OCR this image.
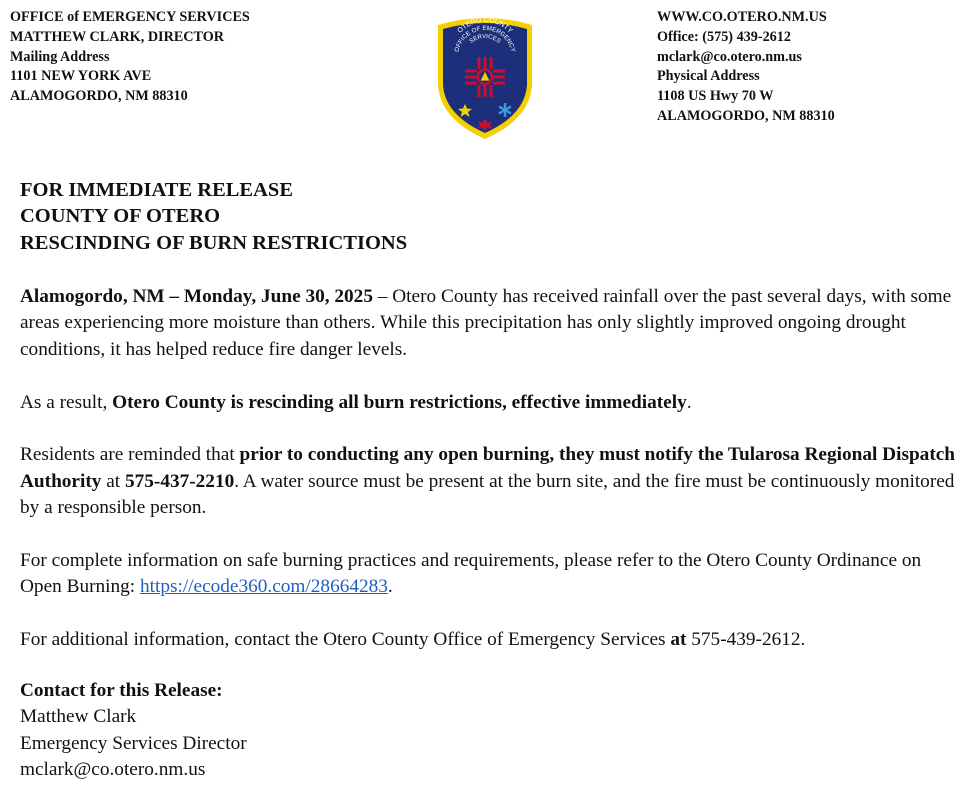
OFFICE of EMERGENCY SERVICES
MATTHEW CLARK, DIRECTOR
Mailing Address
1101 NEW YORK AVE
ALAMOGORDO, NM 88310
OTERO COUNTY
OFFICE OF EMERGENCY
SERVICES
WWW.CO.OTERO.NM.US
Office: (575) 439-2612
mclark@co.otero.nm.us
Physical Address
1108 US Hwy 70 W
ALAMOGORDO, NM 88310
FOR IMMEDIATE RELEASE
COUNTY OF OTERO
RESCINDING OF BURN RESTRICTIONS

Alamogordo, NM – Monday, June 30, 2025 – Otero County has received rainfall over the past several days, with some areas experiencing more moisture than others. While this precipitation has only slightly improved ongoing drought conditions, it has helped reduce fire danger levels.

As a result, Otero County is rescinding all burn restrictions, effective immediately.

Residents are reminded that prior to conducting any open burning, they must notify the Tularosa Regional Dispatch Authority at 575-437-2210. A water source must be present at the burn site, and the fire must be continuously monitored by a responsible person.

For complete information on safe burning practices and requirements, please refer to the Otero County Ordinance on Open Burning: https://ecode360.com/28664283.

For additional information, contact the Otero County Office of Emergency Services at 575-439-2612.

Contact for this Release:
Matthew Clark
Emergency Services Director
mclark@co.otero.nm.us
